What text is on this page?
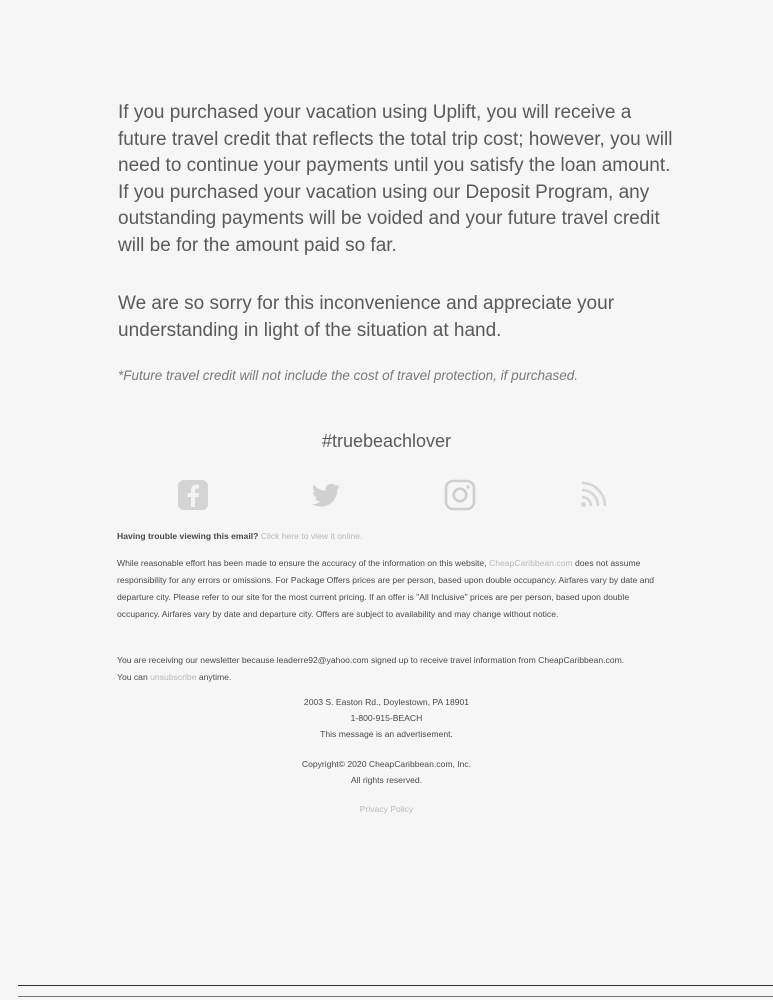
If you purchased your vacation using Uplift, you will receive a future travel credit that reflects the total trip cost; however, you will need to continue your payments until you satisfy the loan amount. If you purchased your vacation using our Deposit Program, any outstanding payments will be voided and your future travel credit will be for the amount paid so far.

We are so sorry for this inconvenience and appreciate your understanding in light of the situation at hand.

*Future travel credit will not include the cost of travel protection, if purchased.

#truebeachlover

Having trouble viewing this email? Click here to view it online.

While reasonable effort has been made to ensure the accuracy of the information on this website, CheapCaribbean.com does not assume responsibility for any errors or omissions. For Package Offers prices are per person, based upon double occupancy. Airfares vary by date and departure city. Please refer to our site for the most current pricing. If an offer is "All Inclusive" prices are per person, based upon double occupancy. Airfares vary by date and departure city. Offers are subject to availability and may change without notice.

You are receiving our newsletter because leaderre92@yahoo.com signed up to receive travel information from CheapCaribbean.com.
You can unsubscribe anytime.

2003 S. Easton Rd., Doylestown, PA 18901
1-800-915-BEACH
This message is an advertisement.
Copyright© 2020 CheapCaribbean.com, Inc.
All rights reserved.
Privacy Policy
